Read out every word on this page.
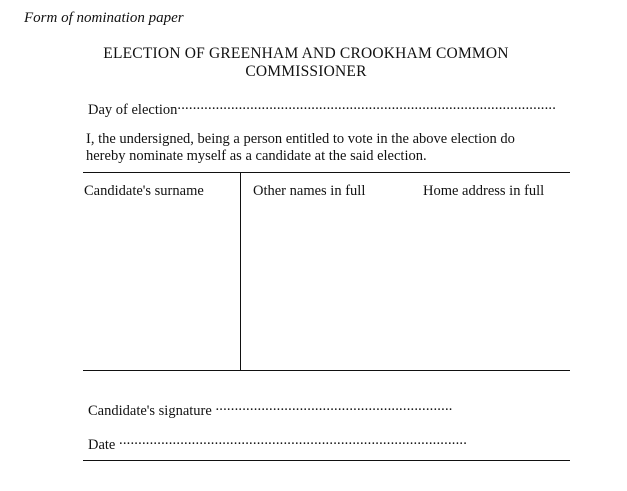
Form of nomination paper
ELECTION OF GREENHAM AND CROOKHAM COMMON
COMMISSIONER
Day of election.....
I, the undersigned, being a person entitled to vote in the above election do
hereby nominate myself as a candidate at the said election.
Candidate's surname	Other names in full	Home address in full
Candidate's signature .....
Date .....
